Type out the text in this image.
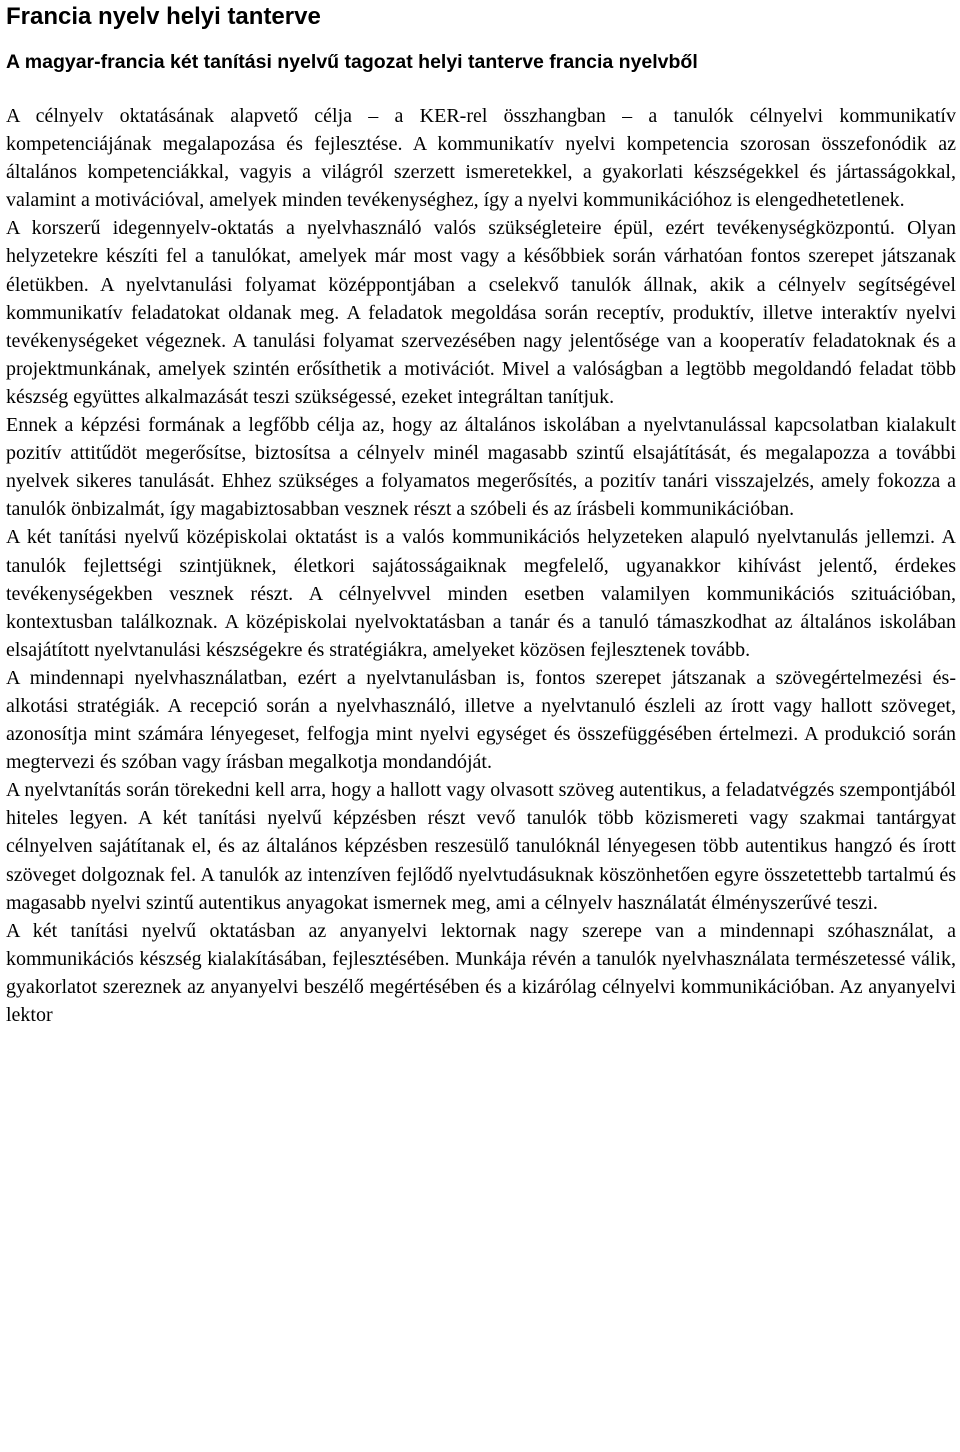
Francia nyelv helyi tanterve
A magyar-francia két tanítási nyelvű tagozat helyi tanterve francia nyelvből

A célnyelv oktatásának alapvető célja – a KER-rel összhangban – a tanulók célnyelvi kommunikatív kompetenciájának megalapozása és fejlesztése. A kommunikatív nyelvi kompetencia szorosan összefonódik az általános kompetenciákkal, vagyis a világról szerzett ismeretekkel, a gyakorlati készségekkel és jártasságokkal, valamint a motivációval, amelyek minden tevékenységhez, így a nyelvi kommunikációhoz is elengedhetetlenek.

A korszerű idegennyelv-oktatás a nyelvhasználó valós szükségleteire épül, ezért tevékenységközpontú. Olyan helyzetekre készíti fel a tanulókat, amelyek már most vagy a későbbiek során várhatóan fontos szerepet játszanak életükben. A nyelvtanulási folyamat középpontjában a cselekvő tanulók állnak, akik a célnyelv segítségével kommunikatív feladatokat oldanak meg. A feladatok megoldása során receptív, produktív, illetve interaktív nyelvi tevékenységeket végeznek. A tanulási folyamat szervezésében nagy jelentősége van a kooperatív feladatoknak és a projektmunkának, amelyek szintén erősíthetik a motivációt. Mivel a valóságban a legtöbb megoldandó feladat több készség együttes alkalmazását teszi szükségessé, ezeket integráltan tanítjuk.

Ennek a képzési formának a legfőbb célja az, hogy az általános iskolában a nyelvtanulással kapcsolatban kialakult pozitív attitűdöt megerősítse, biztosítsa a célnyelv minél magasabb szintű elsajátítását, és megalapozza a további nyelvek sikeres tanulását. Ehhez szükséges a folyamatos megerősítés, a pozitív tanári visszajelzés, amely fokozza a tanulók önbizalmát, így magabiztosabban vesznek részt a szóbeli és az írásbeli kommunikációban.

A két tanítási nyelvű középiskolai oktatást is a valós kommunikációs helyzeteken alapuló nyelvtanulás jellemzi. A tanulók fejlettségi szintjüknek, életkori sajátosságaiknak megfelelő, ugyanakkor kihívást jelentő, érdekes tevékenységekben vesznek részt. A célnyelvvel minden esetben valamilyen kommunikációs szituációban, kontextusban találkoznak. A középiskolai nyelvoktatásban a tanár és a tanuló támaszkodhat az általános iskolában elsajátított nyelvtanulási készségekre és stratégiákra, amelyeket közösen fejlesztenek tovább.

A mindennapi nyelvhasználatban, ezért a nyelvtanulásban is, fontos szerepet játszanak a szövegértelmezési és- alkotási stratégiák. A recepció során a nyelvhasználó, illetve a nyelvtanuló észleli az írott vagy hallott szöveget, azonosítja mint számára lényegeset, felfogja mint nyelvi egységet és összefüggésében értelmezi. A produkció során megtervezi és szóban vagy írásban megalkotja mondandóját.

A nyelvtanítás során törekedni kell arra, hogy a hallott vagy olvasott szöveg autentikus, a feladatvégzés szempontjából hiteles legyen. A két tanítási nyelvű képzésben részt vevő tanulók több közismereti vagy szakmai tantárgyat célnyelven sajátítanak el, és az általános képzésben reszesülő tanulóknál lényegesen több autentikus hangzó és írott szöveget dolgoznak fel. A tanulók az intenzíven fejlődő nyelvtudásuknak köszönhetően egyre összetettebb tartalmú és magasabb nyelvi szintű autentikus anyagokat ismernek meg, ami a célnyelv használatát élményszerűvé teszi.

A két tanítási nyelvű oktatásban az anyanyelvi lektornak nagy szerepe van a mindennapi szóhasználat, a kommunikációs készség kialakításában, fejlesztésében. Munkája révén a tanulók nyelvhasználata természetessé válik, gyakorlatot szereznek az anyanyelvi beszélő megértésében és a kizárólag célnyelvi kommunikációban. Az anyanyelvi lektor
